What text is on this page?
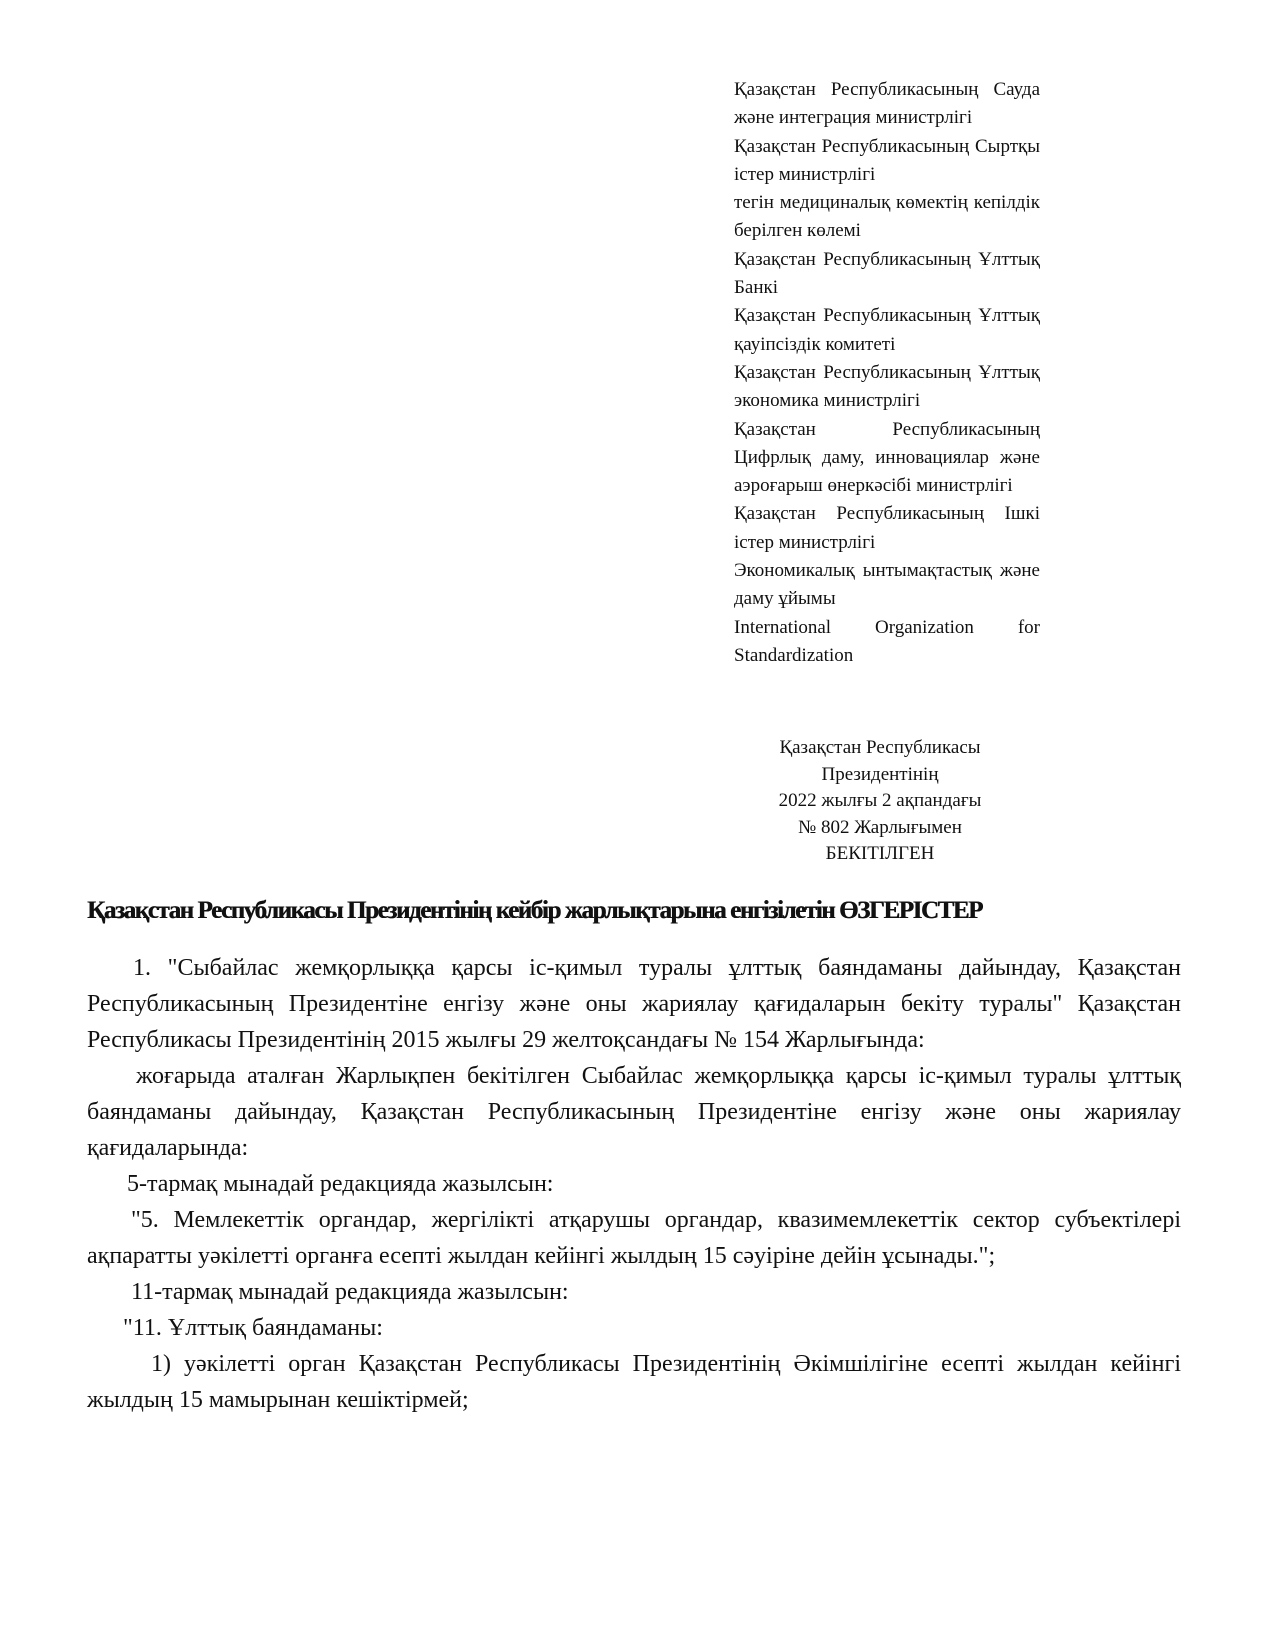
Қазақстан Республикасының Сауда және интеграция министрлігі

Қазақстан Республикасының Сыртқы істер министрлігі

тегін медициналық көмектің кепілдік берілген көлемі

Қазақстан Республикасының Ұлттық Банкі

Қазақстан Республикасының Ұлттық қауіпсіздік комитеті

Қазақстан Республикасының Ұлттық экономика министрлігі

Қазақстан Республикасының Цифрлық даму, инновациялар және аэроғарыш өнеркәсібі министрлігі

Қазақстан Республикасының Ішкі істер министрлігі

Экономикалық ынтымақтастық және даму ұйымы

International Organization for Standardization

Қазақстан Республикасы
Президентінің
2022 жылғы 2 ақпандағы
№ 802 Жарлығымен
БЕКІТІЛГЕН
Қазақстан Республикасы Президентінің кейбір жарлықтарына енгізілетін ӨЗГЕРІСТЕР

1. "Сыбайлас жемқорлыққа қарсы іс-қимыл туралы ұлттық баяндаманы дайындау, Қазақстан Республикасының Президентіне енгізу және оны жариялау қағидаларын бекіту туралы" Қазақстан Республикасы Президентінің 2015 жылғы 29 желтоқсандағы № 154 Жарлығында:

жоғарыда аталған Жарлықпен бекітілген Сыбайлас жемқорлыққа қарсы іс-қимыл туралы ұлттық баяндаманы дайындау, Қазақстан Республикасының Президентіне енгізу және оны жариялау қағидаларында:

5-тармақ мынадай редакцияда жазылсын:

"5. Мемлекеттік органдар, жергілікті атқарушы органдар, квазимемлекеттік сектор субъектілері ақпаратты уәкілетті органға есепті жылдан кейінгі жылдың 15 сәуіріне дейін ұсынады.";

11-тармақ мынадай редакцияда жазылсын:

"11. Ұлттық баяндаманы:

1) уәкілетті орган Қазақстан Республикасы Президентінің Әкімшілігіне есепті жылдан кейінгі жылдың 15 мамырынан кешіктірмей;
